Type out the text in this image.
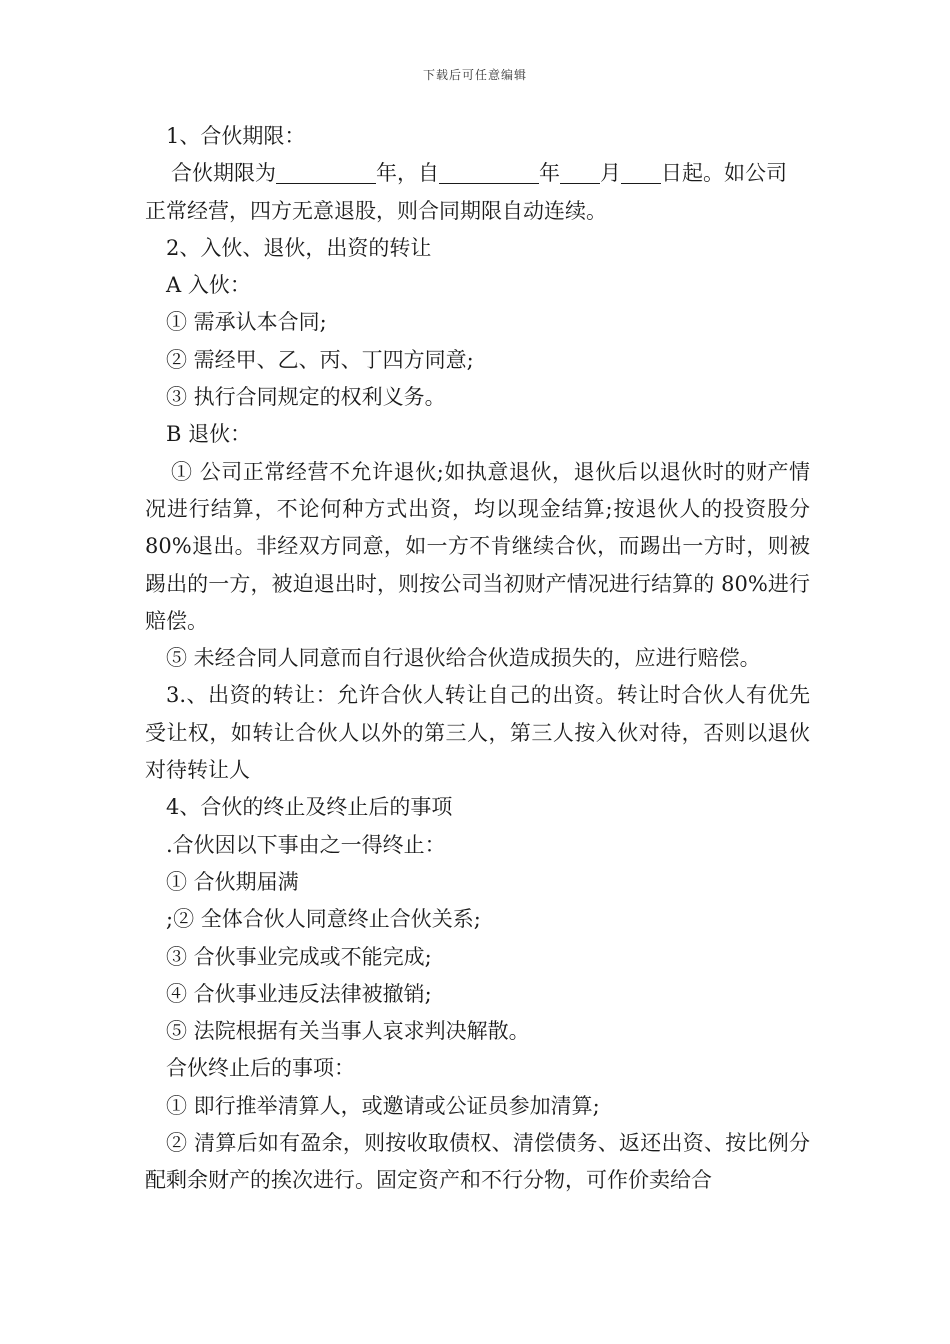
下载后可任意编辑
1、合伙期限：
合伙期限为	年，自	年 月 日起。如公司
正常经营，四方无意退股，则合同期限自动连续。
2、入伙、退伙，出资的转让
A 入伙：
① 需承认本合同;
② 需经甲、乙、丙、丁四方同意;
③ 执行合同规定的权利义务。
B 退伙：
① 公司正常经营不允许退伙;如执意退伙，退伙后以退伙时的财产情况进行结算，不论何种方式出资，均以现金结算;按退伙人的投资股分 80%退出。非经双方同意，如一方不肯继续合伙，而踢出一方时，则被踢出的一方，被迫退出时，则按公司当初财产情况进行结算的 80%进行赔偿。
⑤ 未经合同人同意而自行退伙给合伙造成损失的，应进行赔偿。
3.、出资的转让：允许合伙人转让自己的出资。转让时合伙人有优先受让权，如转让合伙人以外的第三人，第三人按入伙对待，否则以退伙对待转让人
4、合伙的终止及终止后的事项
.合伙因以下事由之一得终止：
① 合伙期届满
;② 全体合伙人同意终止合伙关系;
③ 合伙事业完成或不能完成;
④ 合伙事业违反法律被撤销;
⑤ 法院根据有关当事人哀求判决解散。
合伙终止后的事项：
① 即行推举清算人，或邀请或公证员参加清算;
② 清算后如有盈余，则按收取债权、清偿债务、返还出资、按比例分配剩余财产的挨次进行。固定资产和不行分物，可作价卖给合
